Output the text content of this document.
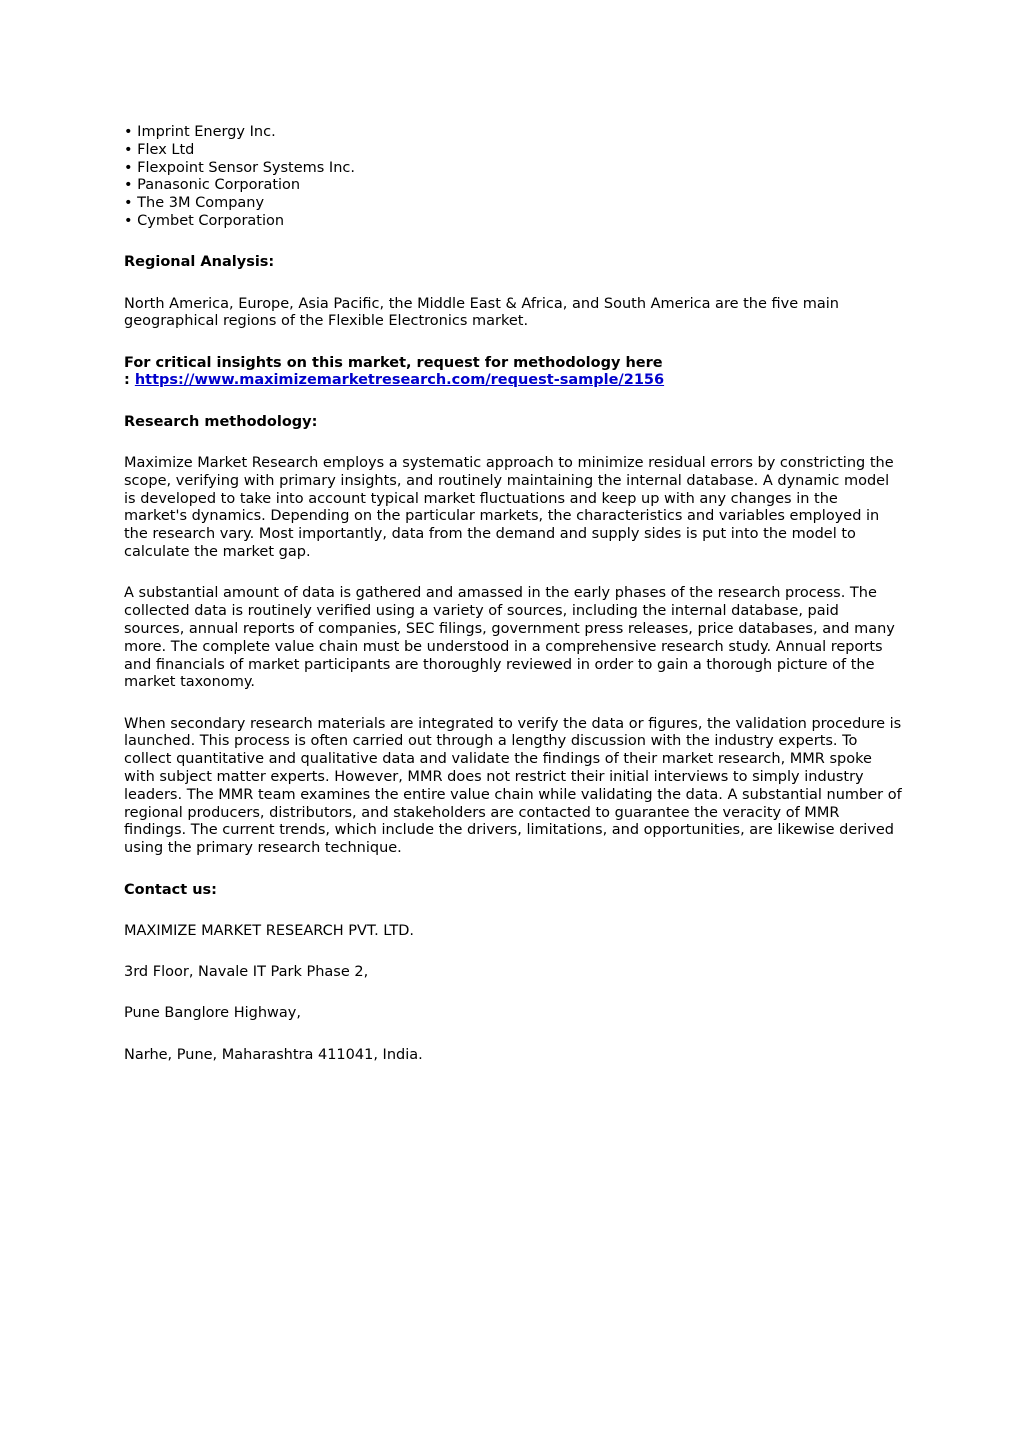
• Imprint Energy Inc.
• Flex Ltd
• Flexpoint Sensor Systems Inc.
• Panasonic Corporation
• The 3M Company
• Cymbet Corporation

Regional Analysis:

North America, Europe, Asia Pacific, the Middle East & Africa, and South America are the five main geographical regions of the Flexible Electronics market.

For critical insights on this market, request for methodology here
: https://www.maximizemarketresearch.com/request-sample/2156

Research methodology:

Maximize Market Research employs a systematic approach to minimize residual errors by constricting the scope, verifying with primary insights, and routinely maintaining the internal database. A dynamic model is developed to take into account typical market fluctuations and keep up with any changes in the market's dynamics. Depending on the particular markets, the characteristics and variables employed in the research vary. Most importantly, data from the demand and supply sides is put into the model to calculate the market gap.

A substantial amount of data is gathered and amassed in the early phases of the research process. The collected data is routinely verified using a variety of sources, including the internal database, paid sources, annual reports of companies, SEC filings, government press releases, price databases, and many more. The complete value chain must be understood in a comprehensive research study. Annual reports and financials of market participants are thoroughly reviewed in order to gain a thorough picture of the market taxonomy.

When secondary research materials are integrated to verify the data or figures, the validation procedure is launched. This process is often carried out through a lengthy discussion with the industry experts. To collect quantitative and qualitative data and validate the findings of their market research, MMR spoke with subject matter experts. However, MMR does not restrict their initial interviews to simply industry leaders. The MMR team examines the entire value chain while validating the data. A substantial number of regional producers, distributors, and stakeholders are contacted to guarantee the veracity of MMR findings. The current trends, which include the drivers, limitations, and opportunities, are likewise derived using the primary research technique.

Contact us:

MAXIMIZE MARKET RESEARCH PVT. LTD.

3rd Floor, Navale IT Park Phase 2,

Pune Banglore Highway,

Narhe, Pune, Maharashtra 411041, India.
